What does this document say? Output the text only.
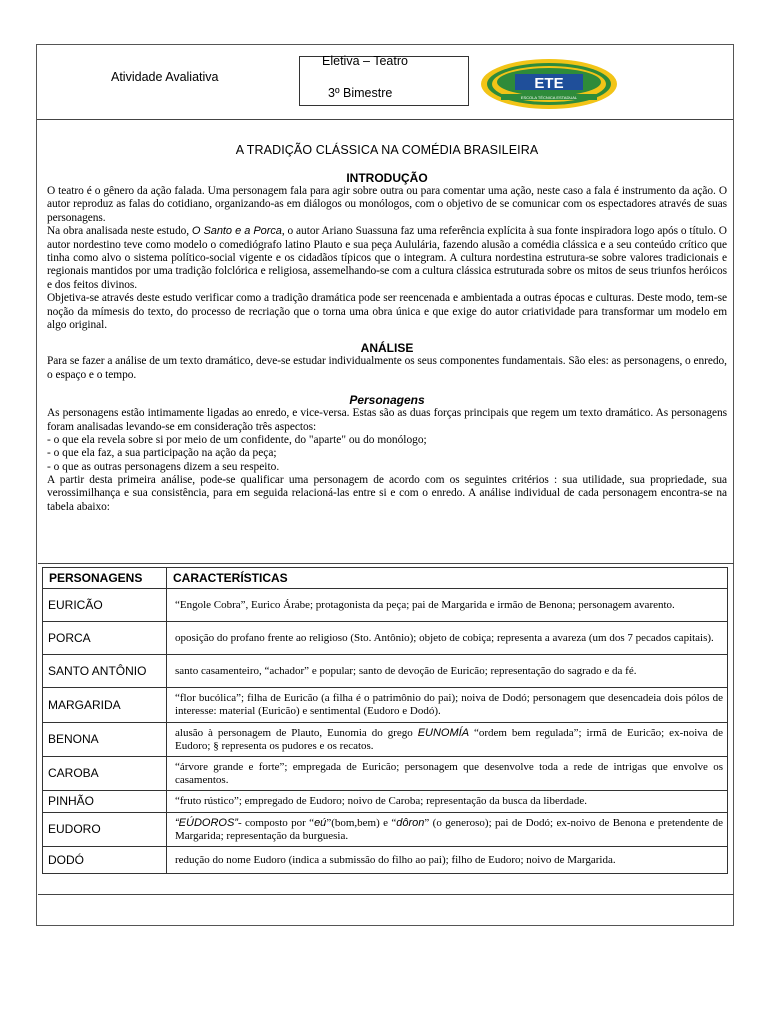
Atividade Avaliativa
Eletiva – Teatro
3º Bimestre
ETE
ESCOLA TÉCNICA ESTADUAL
A TRADIÇÃO CLÁSSICA NA COMÉDIA BRASILEIRA
INTRODUÇÃO

O teatro é o gênero da ação falada. Uma personagem fala para agir sobre outra ou para comentar uma ação, neste caso a fala é instrumento da ação. O autor reproduz as falas do cotidiano, organizando-as em diálogos ou monólogos, com o objetivo de se comunicar com os espectadores através de suas personagens.

Na obra analisada neste estudo, O Santo e a Porca, o autor Ariano Suassuna faz uma referência explícita à sua fonte inspiradora logo após o título. O autor nordestino teve como modelo o comediógrafo latino Plauto e sua peça Aululária, fazendo alusão a comédia clássica e a seu conteúdo crítico que tinha como alvo o sistema político-social vigente e os cidadãos típicos que o integram. A cultura nordestina estrutura-se sobre valores tradicionais e regionais mantidos por uma tradição folclórica e religiosa, assemelhando-se com a cultura clássica estruturada sobre os mitos de seus triunfos heróicos e dos feitos divinos.

Objetiva-se através deste estudo verificar como a tradição dramática pode ser reencenada e ambientada a outras épocas e culturas. Deste modo, tem-se noção da mímesis do texto, do processo de recriação que o torna uma obra única e que exige do autor criatividade para transformar um modelo em algo original.

ANÁLISE

Para se fazer a análise de um texto dramático, deve-se estudar individualmente os seus componentes fundamentais. São eles: as personagens, o enredo, o espaço e o tempo.

Personagens

As personagens estão intimamente ligadas ao enredo, e vice-versa. Estas são as duas forças principais que regem um texto dramático. As personagens foram analisadas levando-se em consideração três aspectos:

- o que ela revela sobre si por meio de um confidente, do "aparte" ou do monólogo;

- o que ela faz, a sua participação na ação da peça;

- o que as outras personagens dizem a seu respeito.

A partir desta primeira análise, pode-se qualificar uma personagem de acordo com os seguintes critérios : sua utilidade, sua propriedade, sua verossimilhança e sua consistência, para em seguida relacioná-las entre si e com o enredo. A análise individual de cada personagem encontra-se na tabela abaixo:

PERSONAGENS	CARACTERÍSTICAS
EURICÃO	“Engole Cobra”, Eurico Árabe; protagonista da peça; pai de Margarida e irmão de Benona; personagem avarento.
PORCA	oposição do profano frente ao religioso (Sto. Antônio); objeto de cobiça; representa a avareza (um dos 7 pecados capitais).
SANTO ANTÔNIO	santo casamenteiro, “achador” e popular; santo de devoção de Euricão; representação do sagrado e da fé.
MARGARIDA	“flor bucólica”; filha de Euricão (a filha é o patrimônio do pai); noiva de Dodó; personagem que desencadeia dois pólos de interesse: material (Euricão) e sentimental (Eudoro e Dodó).
BENONA	alusão à personagem de Plauto, Eunomia do grego EUNOMÍA “ordem bem regulada”; irmã de Euricão; ex-noiva de Eudoro; § representa os pudores e os recatos.
CAROBA	“árvore grande e forte”; empregada de Euricão; personagem que desenvolve toda a rede de intrigas que envolve os casamentos.
PINHÃO	“fruto rústico”; empregado de Eudoro; noivo de Caroba; representação da busca da liberdade.
EUDORO	“EÚDOROS”- composto por “eú”(bom,bem) e “dôron” (o generoso); pai de Dodó; ex-noivo de Benona e pretendente de Margarida; representação da burguesia.
DODÓ	redução do nome Eudoro (indica a submissão do filho ao pai); filho de Eudoro; noivo de Margarida.
